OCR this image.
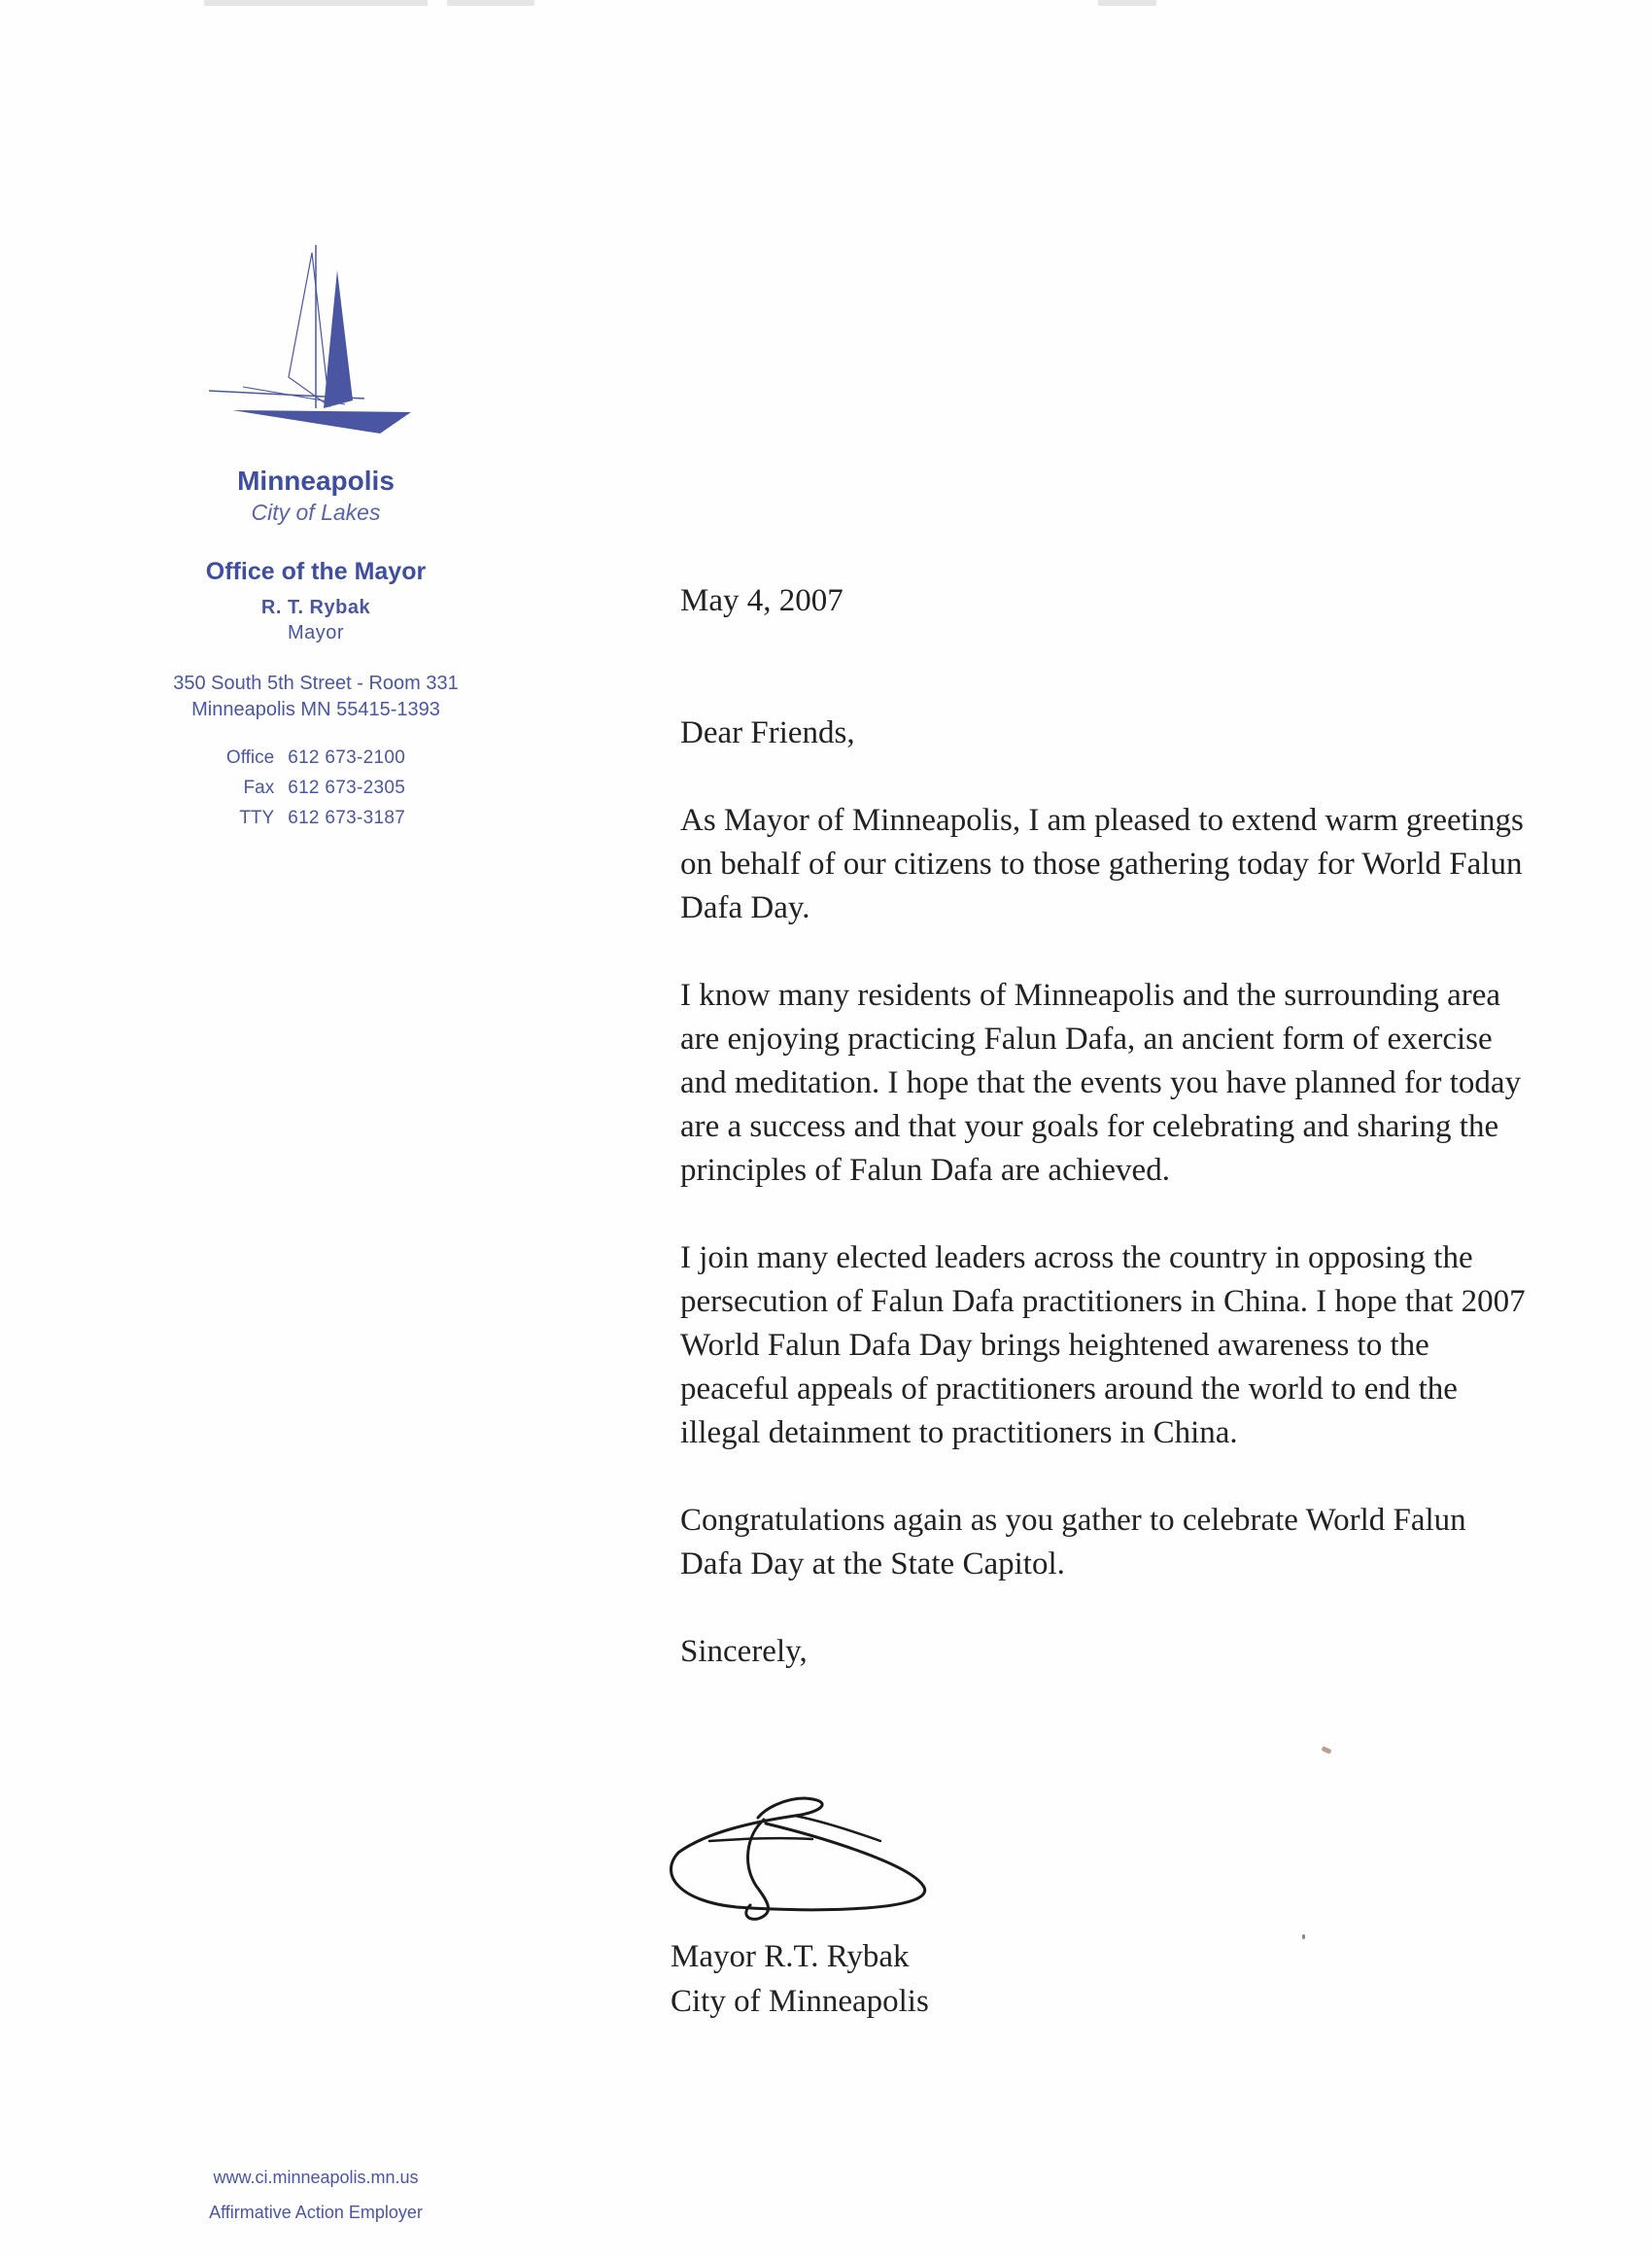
Minneapolis
City of Lakes
Office of the Mayor
R. T. Rybak
Mayor
350 South 5th Street - Room 331
Minneapolis MN 55415-1393
Office	612 673-2100
Fax	612 673-2305
TTY	612 673-3187

May 4, 2007

Dear Friends,

As Mayor of Minneapolis, I am pleased to extend warm greetings on behalf of our citizens to those gathering today for World Falun Dafa Day.

I know many residents of Minneapolis and the surrounding area are enjoying practicing Falun Dafa, an ancient form of exercise and meditation. I hope that the events you have planned for today are a success and that your goals for celebrating and sharing the principles of Falun Dafa are achieved.

I join many elected leaders across the country in opposing the persecution of Falun Dafa practitioners in China. I hope that 2007 World Falun Dafa Day brings heightened awareness to the peaceful appeals of practitioners around the world to end the illegal detainment to practitioners in China.

Congratulations again as you gather to celebrate World Falun Dafa Day at the State Capitol.

Sincerely,

Mayor R.T. Rybak
City of Minneapolis
www.ci.minneapolis.mn.us
Affirmative Action Employer
